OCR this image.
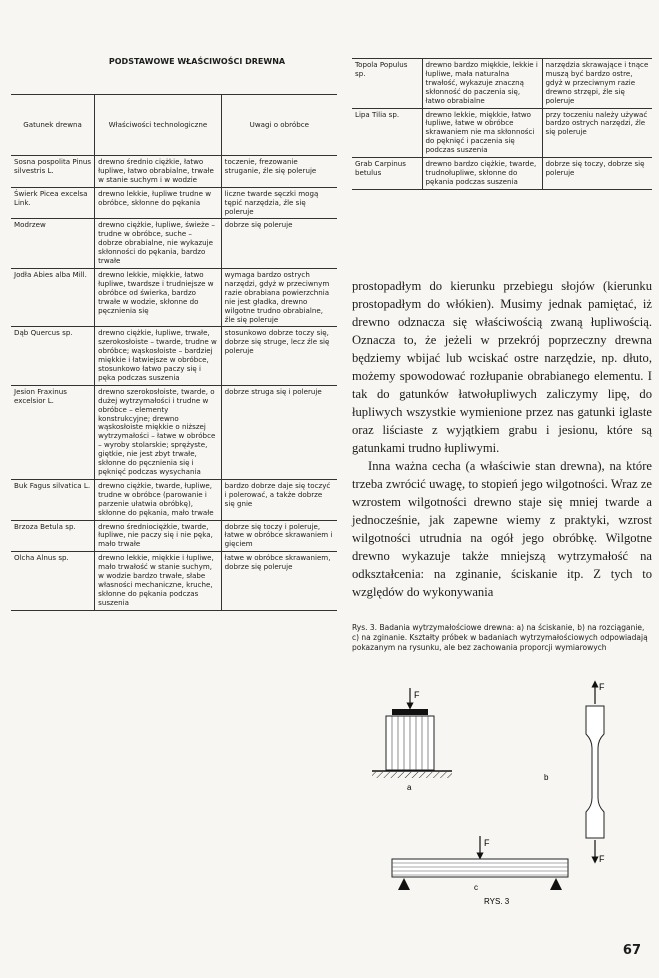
PODSTAWOWE WŁAŚCIWOŚCI DREWNA
Gatunek drewna	Właściwości technologiczne	Uwagi o obróbce
Sosna pospolita Pinus silvestris L.	drewno średnio ciężkie, łatwo łupliwe, łatwo obrabialne, trwałe w stanie suchym i w wodzie	toczenie, frezowanie struganie, źle się poleruje
Świerk Picea excelsa Link.	drewno lekkie, łupliwe trudne w obróbce, skłonne do pękania	liczne twarde sęczki mogą tępić narzędzia, źle się poleruje
Modrzew	drewno ciężkie, łupliwe, świeże – trudne w obróbce, suche – dobrze obrabialne, nie wykazuje skłonności do pękania, bardzo trwałe	dobrze się poleruje
Jodła Abies alba Mill.	drewno lekkie, miękkie, łatwo łupliwe, twardsze i trudniejsze w obróbce od świerka, bardzo trwałe w wodzie, skłonne do pęcznienia się	wymaga bardzo ostrych narzędzi, gdyż w przeciwnym razie obrabiana powierzchnia nie jest gładka, drewno wilgotne trudno obrabialne, źle się poleruje
Dąb Quercus sp.	drewno ciężkie, łupliwe, trwałe, szerokosłoiste – twarde, trudne w obróbce; wąskosłoiste – bardziej miękkie i łatwiejsze w obróbce, stosunkowo łatwo paczy się i pęka podczas suszenia	stosunkowo dobrze toczy się, dobrze się struge, lecz źle się poleruje
Jesion Fraxinus excelsior L.	drewno szerokosłoiste, twarde, o dużej wytrzymałości i trudne w obróbce – elementy konstrukcyjne; drewno wąskosłoiste miękkie o niższej wytrzymałości – łatwe w obróbce – wyroby stolarskie; sprężyste, giętkie, nie jest zbyt trwałe, skłonne do pęcznienia się i pęknięć podczas wysychania	dobrze struga się i poleruje
Buk Fagus silvatica L.	drewno ciężkie, twarde, łupliwe, trudne w obróbce (parowanie i parzenie ułatwia obróbkę), skłonne do pękania, mało trwałe	bardzo dobrze daje się toczyć i polerować, a także dobrze się gnie
Brzoza Betula sp.	drewno średniociężkie, twarde, łupliwe, nie paczy się i nie pęka, mało trwałe	dobrze się toczy i poleruje, łatwe w obróbce skrawaniem i gięciem
Olcha Alnus sp.	drewno lekkie, miękkie i łupliwe, mało trwałość w stanie suchym, w wodzie bardzo trwałe, słabe własności mechaniczne, kruche, skłonne do pękania podczas suszenia	łatwe w obróbce skrawaniem, dobrze się poleruje
Topola Populus sp.	drewno bardzo miękkie, lekkie i łupliwe, mała naturalna trwałość, wykazuje znaczną skłonność do paczenia się, łatwo obrabialne	narzędzia skrawające i tnące muszą być bardzo ostre, gdyż w przeciwnym razie drewno strzępi, źle się poleruje
Lipa Tilia sp.	drewno lekkie, miękkie, łatwo łupliwe, łatwe w obróbce skrawaniem nie ma skłonności do pęknięć i paczenia się podczas suszenia	przy toczeniu należy używać bardzo ostrych narzędzi, źle się poleruje
Grab Carpinus betulus	drewno bardzo ciężkie, twarde, trudnołupliwe, skłonne do pękania podczas suszenia	dobrze się toczy, dobrze się poleruje

prostopadłym do kierunku przebiegu słojów (kierunku prostopadłym do włókien). Musimy jednak pamiętać, iż drewno odznacza się właściwością zwaną łupliwością. Oznacza to, że jeżeli w przekrój poprzeczny drewna będziemy wbijać lub wciskać ostre narzędzie, np. dłuto, możemy spowodować rozłupanie obrabianego elementu. I tak do gatunków łatwołupliwych zaliczymy lipę, do łupliwych wszystkie wymienione przez nas gatunki iglaste oraz liściaste z wyjątkiem grabu i jesionu, które są gatunkami trudno łupliwymi.

Inna ważna cecha (a właściwie stan drewna), na które trzeba zwrócić uwagę, to stopień jego wilgotności. Wraz ze wzrostem wilgotności drewno staje się mniej twarde a jednocześnie, jak zapewne wiemy z praktyki, wzrost wilgotności utrudnia na ogół jego obróbkę. Wilgotne drewno wykazuje także mniejszą wytrzymałość na odkształcenia: na zginanie, ściskanie itp. Z tych to względów do wykonywania

Rys. 3. Badania wytrzymałościowe drewna: a) na ściskanie, b) na rozciąganie, c) na zginanie. Kształty próbek w badaniach wytrzymałościowych odpowiadają pokazanym na rysunku, ale bez zachowania proporcji wymiarowych
F
a
F
F
b
F
c
RYS. 3
67
